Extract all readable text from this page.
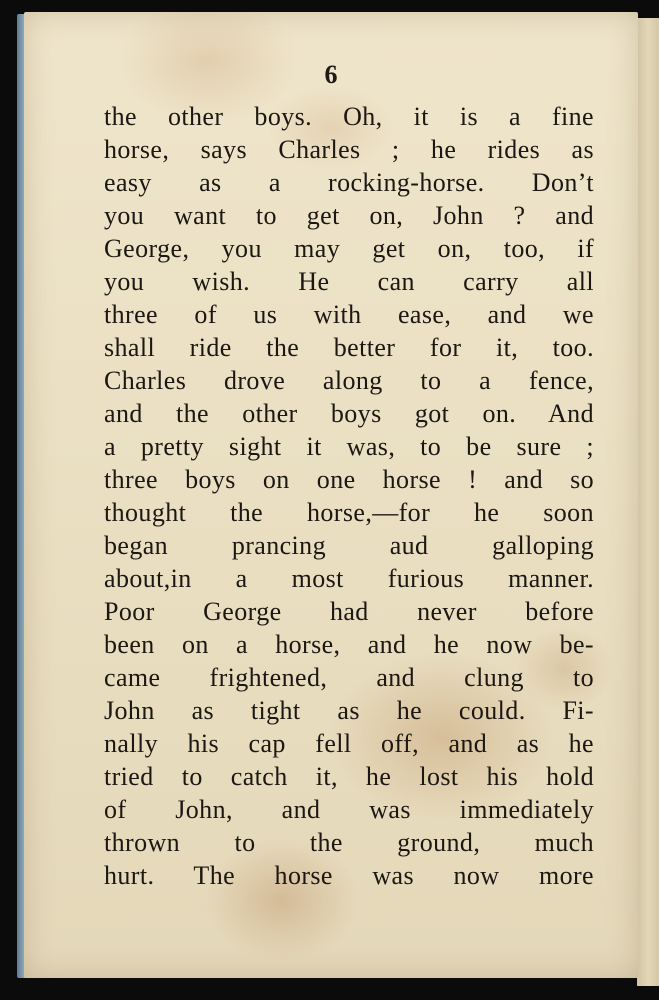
6
the other boys. Oh, it is a fine
horse, says Charles ; he rides as
easy as a rocking-horse. Don’t
you want to get on, John ? and
George, you may get on, too, if
you wish. He can carry all
three of us with ease, and we
shall ride the better for it, too.
Charles drove along to a fence,
and the other boys got on. And
a pretty sight it was, to be sure ;
three boys on one horse ! and so
thought the horse,—for he soon
began prancing aud galloping
about,in a most furious manner.
Poor George had never before
been on a horse, and he now be-
came frightened, and clung to
John as tight as he could. Fi-
nally his cap fell off, and as he
tried to catch it, he lost his hold
of John, and was immediately
thrown to the ground, much
hurt. The horse was now more
